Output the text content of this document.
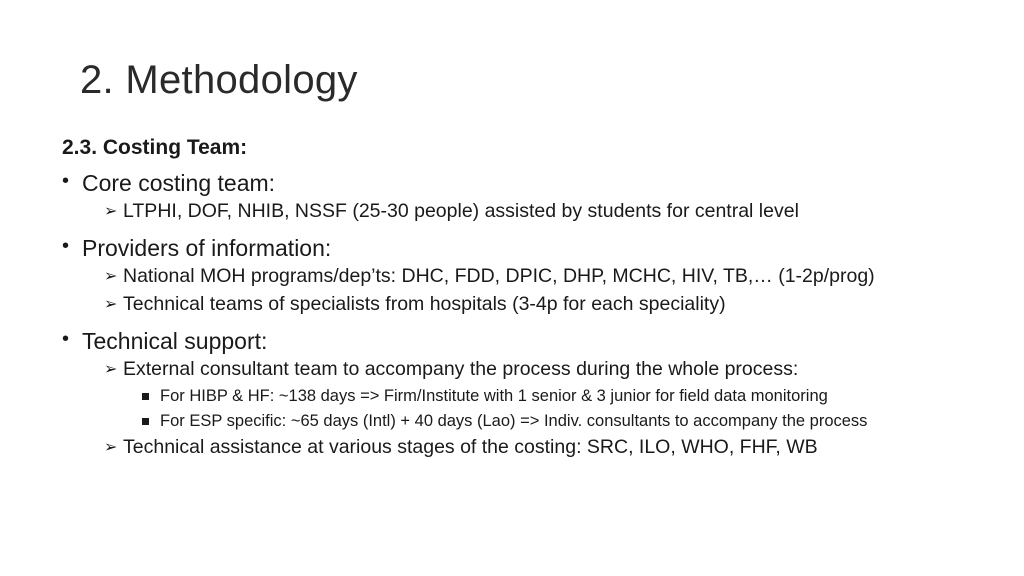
2. Methodology
2.3. Costing Team:
• Core costing team:
➢ LTPHI, DOF, NHIB, NSSF (25-30 people) assisted by students for central level
• Providers of information:
➢ National MOH programs/dep’ts: DHC, FDD, DPIC, DHP, MCHC, HIV, TB,… (1-2p/prog)
➢ Technical teams of specialists from hospitals (3-4p for each speciality)
• Technical support:
➢ External consultant team to accompany the process during the whole process:
For HIBP & HF: ~138 days => Firm/Institute with 1 senior & 3 junior for field data monitoring
For ESP specific: ~65 days (Intl) + 40 days (Lao) => Indiv. consultants to accompany the process
➢ Technical assistance at various stages of the costing: SRC, ILO, WHO, FHF, WB
